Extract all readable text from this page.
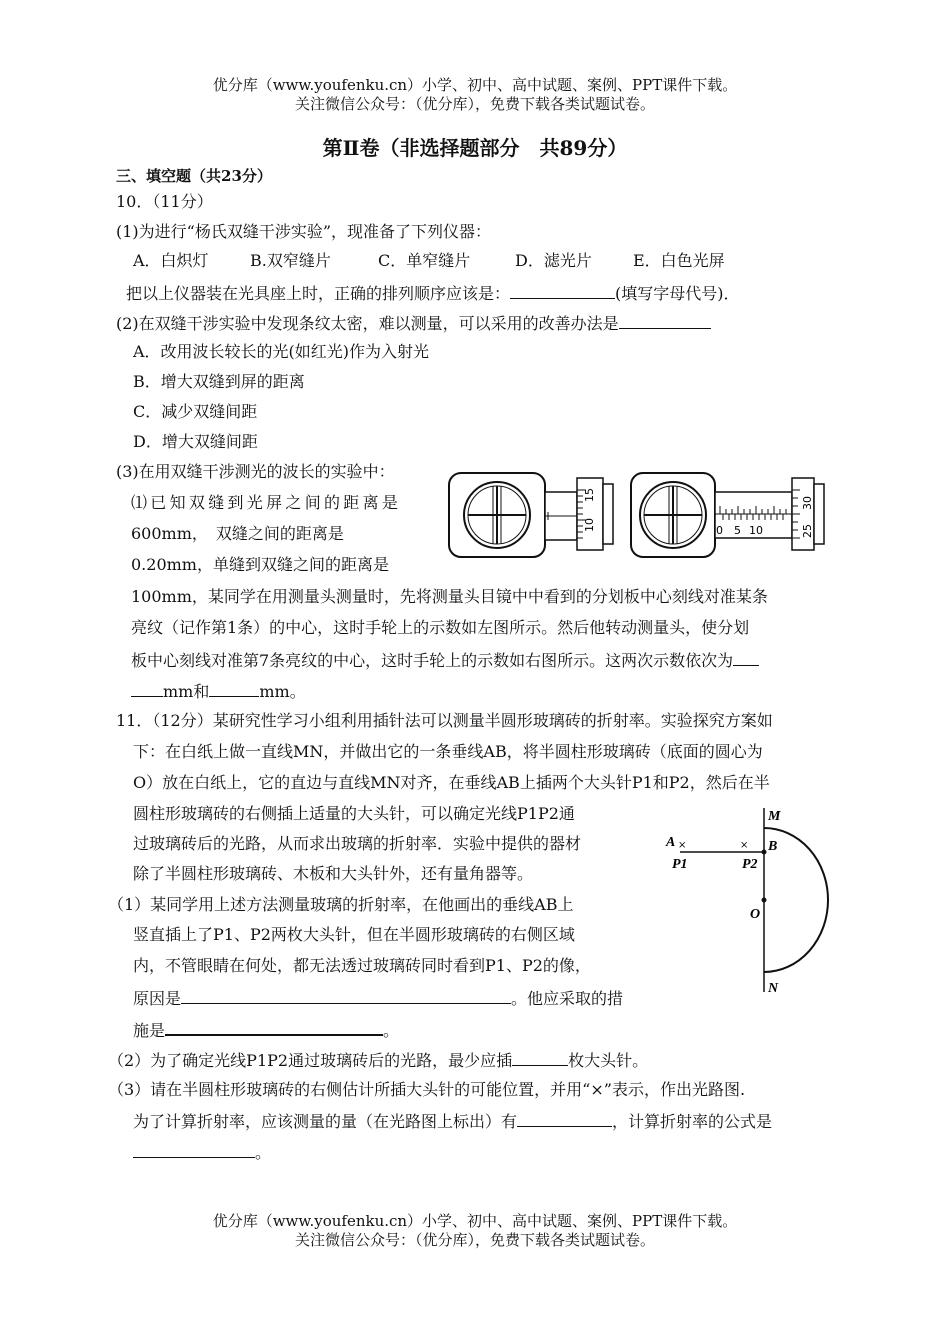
优分库（www.youfenku.cn）小学、初中、高中试题、案例、PPT课件下载。
关注微信公众号：（优分库），免费下载各类试题试卷。
第Ⅱ卷（非选择题部分　共89分）
三、填空题（共23分）
10．（11分）
(1)为进行“杨氏双缝干涉实验”，现准备了下列仪器：
A．白炽灯	B.双窄缝片	C．单窄缝片	D．滤光片	E．白色光屏
把以上仪器装在光具座上时，正确的排列顺序应该是：	(填写字母代号)．
(2)在双缝干涉实验中发现条纹太密，难以测量，可以采用的改善办法是
A．改用波长较长的光(如红光)作为入射光
B．增大双缝到屏的距离
C．减少双缝间距
D．增大双缝间距
(3)在用双缝干涉测光的波长的实验中：
⑴已知双缝到光屏之间的距离是
600mm，　双缝之间的距离是
0.20mm，单缝到双缝之间的距离是
100mm，某同学在用测量头测量时，先将测量头目镜中中看到的分划板中心刻线对准某条
亮纹（记作第1条）的中心，这时手轮上的示数如左图所示。然后他转动测量头，使分划
板中心刻线对准第7条亮纹的中心，这时手轮上的示数如右图所示。这两次示数依次为
mm和	mm。
15
10	0 5 10
30
25
11．（12分）某研究性学习小组利用插针法可以测量半圆形玻璃砖的折射率。实验探究方案如
下：在白纸上做一直线MN，并做出它的一条垂线AB，将半圆柱形玻璃砖（底面的圆心为
O）放在白纸上，它的直边与直线MN对齐，在垂线AB上插两个大头针P1和P2，然后在半
圆柱形玻璃砖的右侧插上适量的大头针，可以确定光线P1P2通
过玻璃砖后的光路，从而求出玻璃的折射率．实验中提供的器材
除了半圆柱形玻璃砖、木板和大头针外，还有量角器等。
（1）某同学用上述方法测量玻璃的折射率，在他画出的垂线AB上
竖直插上了P1、P2两枚大头针，但在半圆形玻璃砖的右侧区域
内，不管眼睛在何处，都无法透过玻璃砖同时看到P1、P2的像，
原因是	。他应采取的措
施是	。
（2）为了确定光线P1P2通过玻璃砖后的光路，最少应插	枚大头针。
（3）请在半圆柱形玻璃砖的右侧估计所插大头针的可能位置，并用“×”表示，作出光路图.
为了计算折射率，应该测量的量（在光路图上标出）有	，计算折射率的公式是
。
×	×
M
A	B
P1	P2
O
N
优分库（www.youfenku.cn）小学、初中、高中试题、案例、PPT课件下载。
关注微信公众号：（优分库），免费下载各类试题试卷。
